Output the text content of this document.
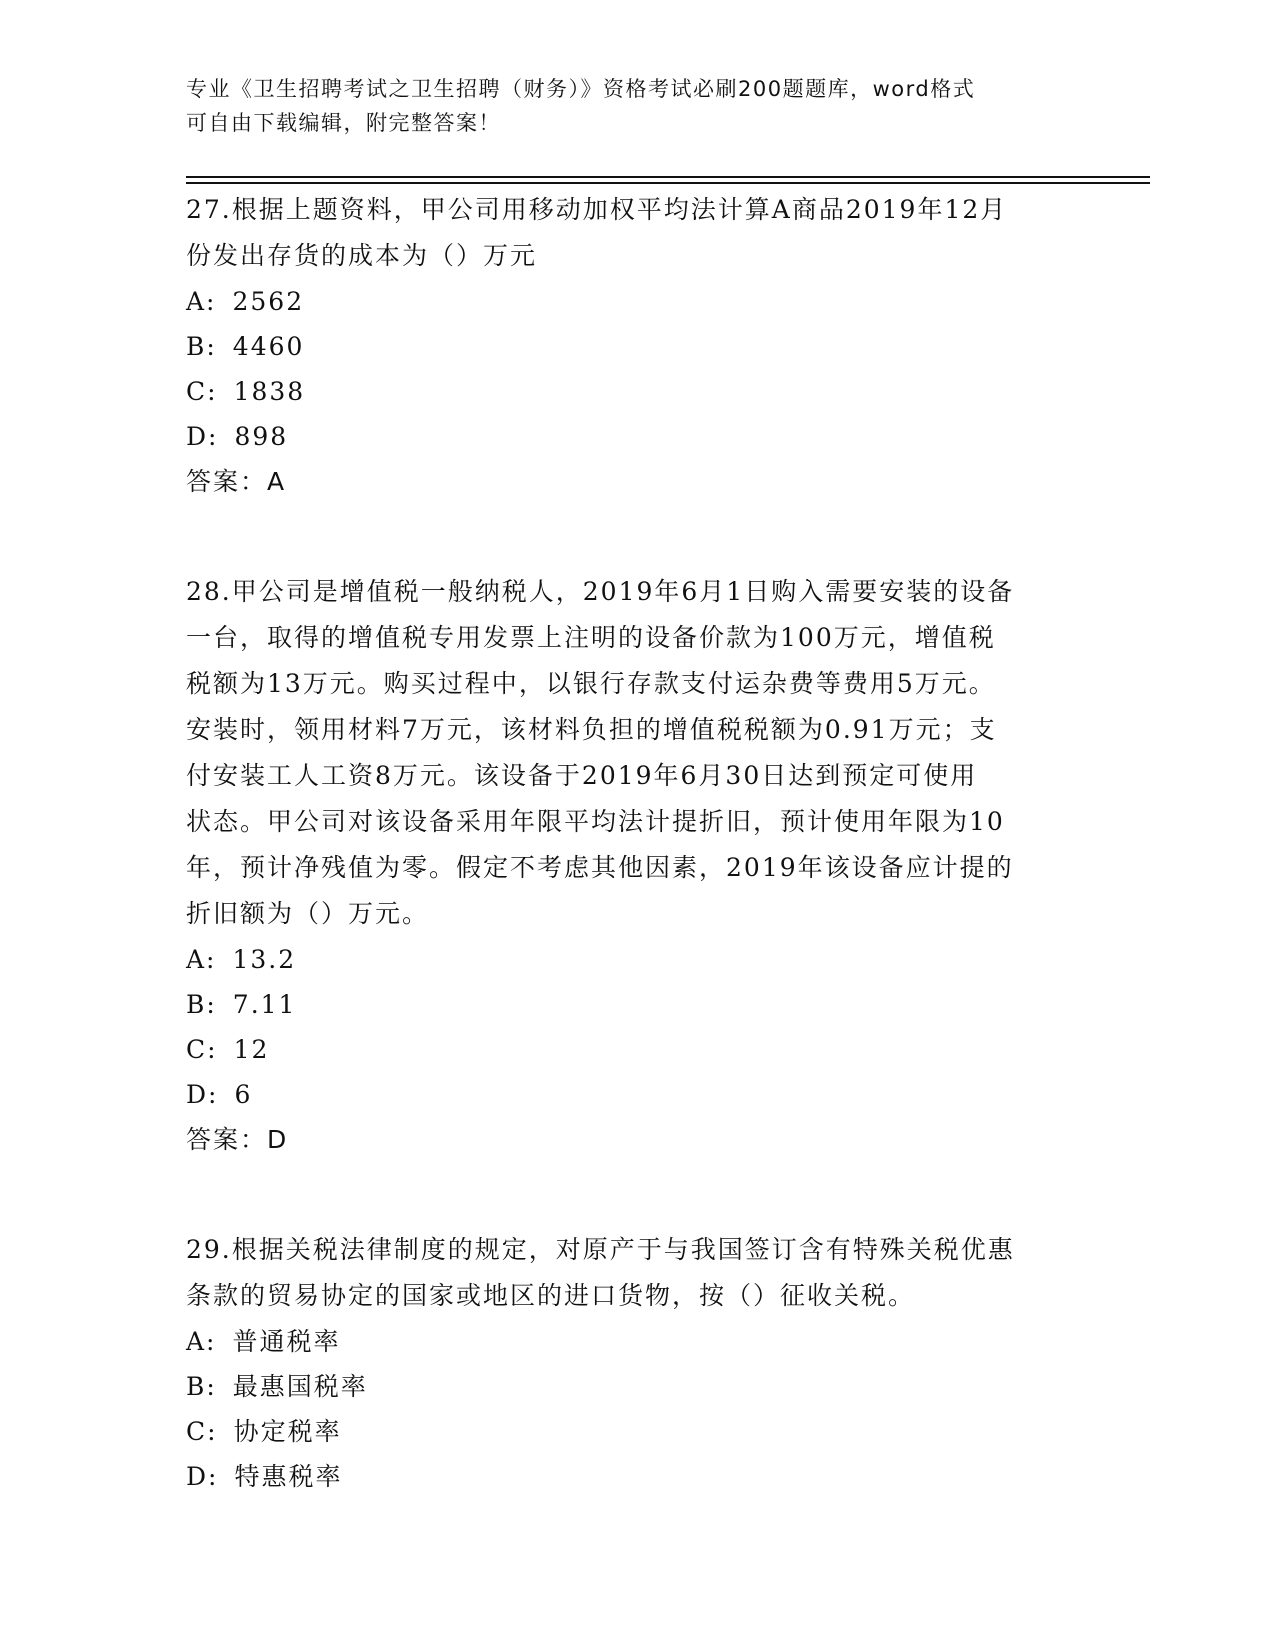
专业《卫生招聘考试之卫生招聘（财务）》资格考试必刷200题题库，word格式
可自由下载编辑，附完整答案！
27.根据上题资料，甲公司用移动加权平均法计算A商品2019年12月
份发出存货的成本为（）万元
A: 2562
B: 4460
C: 1838
D: 898
答案：A
28.甲公司是增值税一般纳税人，2019年6月1日购入需要安装的设备
一台，取得的增值税专用发票上注明的设备价款为100万元，增值税
税额为13万元。购买过程中，以银行存款支付运杂费等费用5万元。
安装时，领用材料7万元，该材料负担的增值税税额为0.91万元；支
付安装工人工资8万元。该设备于2019年6月30日达到预定可使用
状态。甲公司对该设备采用年限平均法计提折旧，预计使用年限为10
年，预计净残值为零。假定不考虑其他因素，2019年该设备应计提的
折旧额为（）万元。
A: 13.2
B: 7.11
C: 12
D: 6
答案：D
29.根据关税法律制度的规定，对原产于与我国签订含有特殊关税优惠
条款的贸易协定的国家或地区的进口货物，按（）征收关税。
A: 普通税率
B: 最惠国税率
C: 协定税率
D: 特惠税率
